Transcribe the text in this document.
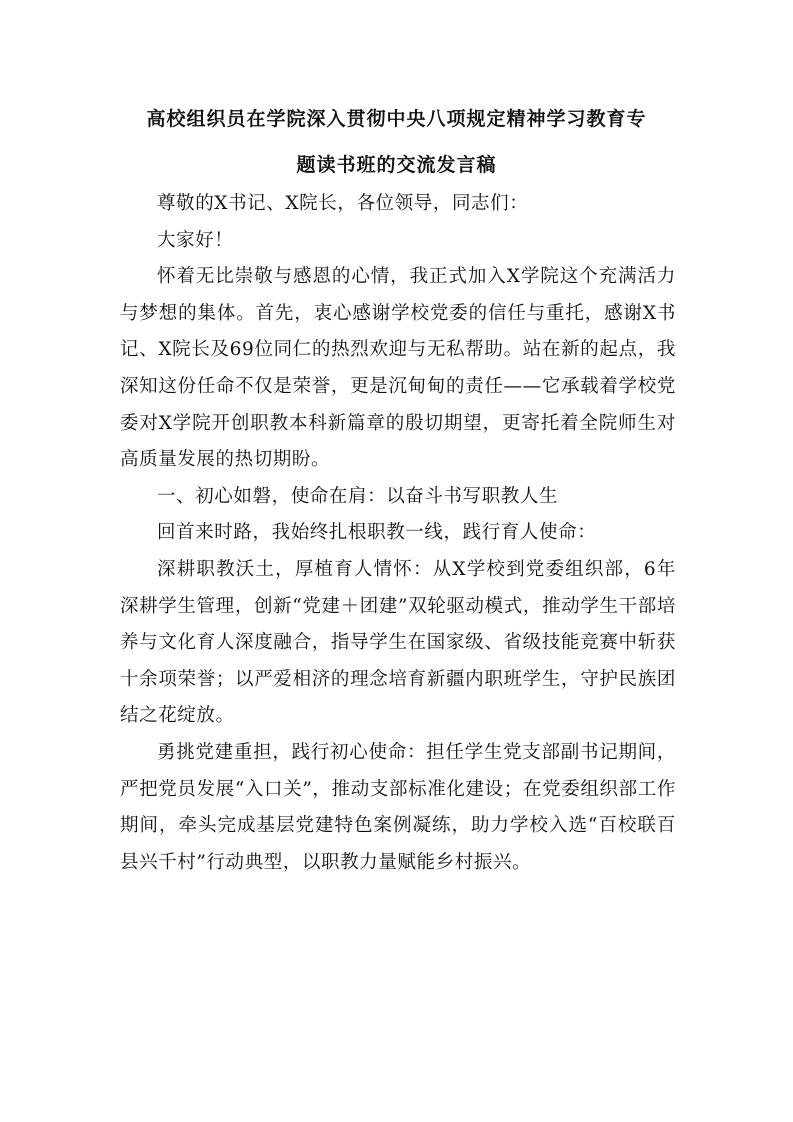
高校组织员在学院深入贯彻中央八项规定精神学习教育专
题读书班的交流发言稿

尊敬的X书记、X院长，各位领导，同志们：

大家好！

怀着无比崇敬与感恩的心情，我正式加入X学院这个充满活力与梦想的集体。首先，衷心感谢学校党委的信任与重托，感谢X书记、X院长及69位同仁的热烈欢迎与无私帮助。站在新的起点，我深知这份任命不仅是荣誉，更是沉甸甸的责任——它承载着学校党委对X学院开创职教本科新篇章的殷切期望，更寄托着全院师生对高质量发展的热切期盼。

一、初心如磐，使命在肩：以奋斗书写职教人生

回首来时路，我始终扎根职教一线，践行育人使命：

深耕职教沃土，厚植育人情怀：从X学校到党委组织部，6年深耕学生管理，创新“党建＋团建”双轮驱动模式，推动学生干部培养与文化育人深度融合，指导学生在国家级、省级技能竞赛中斩获十余项荣誉；以严爱相济的理念培育新疆内职班学生，守护民族团结之花绽放。

勇挑党建重担，践行初心使命：担任学生党支部副书记期间，严把党员发展“入口关”，推动支部标准化建设；在党委组织部工作期间，牵头完成基层党建特色案例凝练，助力学校入选“百校联百县兴千村”行动典型，以职教力量赋能乡村振兴。
